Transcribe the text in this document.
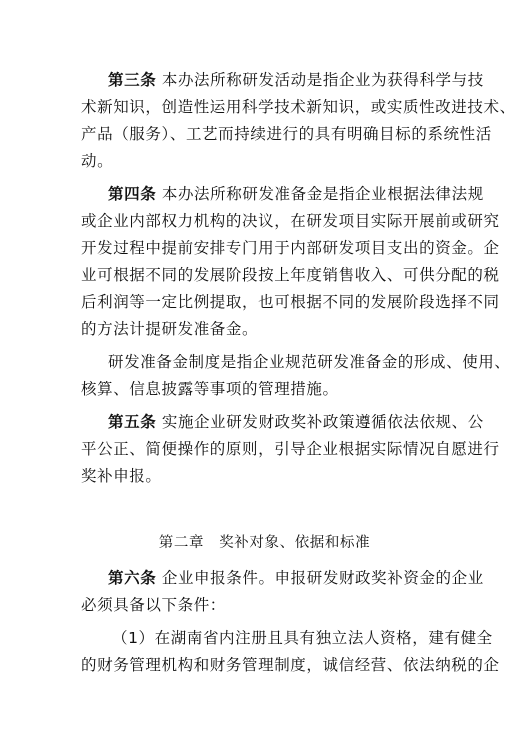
第三条 本办法所称研发活动是指企业为获得科学与技
术新知识，创造性运用科学技术新知识，或实质性改进技术、
产品（服务）、工艺而持续进行的具有明确目标的系统性活
动。
第四条 本办法所称研发准备金是指企业根据法律法规
或企业内部权力机构的决议，在研发项目实际开展前或研究
开发过程中提前安排专门用于内部研发项目支出的资金。企
业可根据不同的发展阶段按上年度销售收入、可供分配的税
后利润等一定比例提取，也可根据不同的发展阶段选择不同
的方法计提研发准备金。
研发准备金制度是指企业规范研发准备金的形成、使用、
核算、信息披露等事项的管理措施。
第五条 实施企业研发财政奖补政策遵循依法依规、公
平公正、简便操作的原则，引导企业根据实际情况自愿进行
奖补申报。
第二章　奖补对象、依据和标准
第六条 企业申报条件。申报研发财政奖补资金的企业
必须具备以下条件：
（1）在湖南省内注册且具有独立法人资格，建有健全
的财务管理机构和财务管理制度，诚信经营、依法纳税的企
